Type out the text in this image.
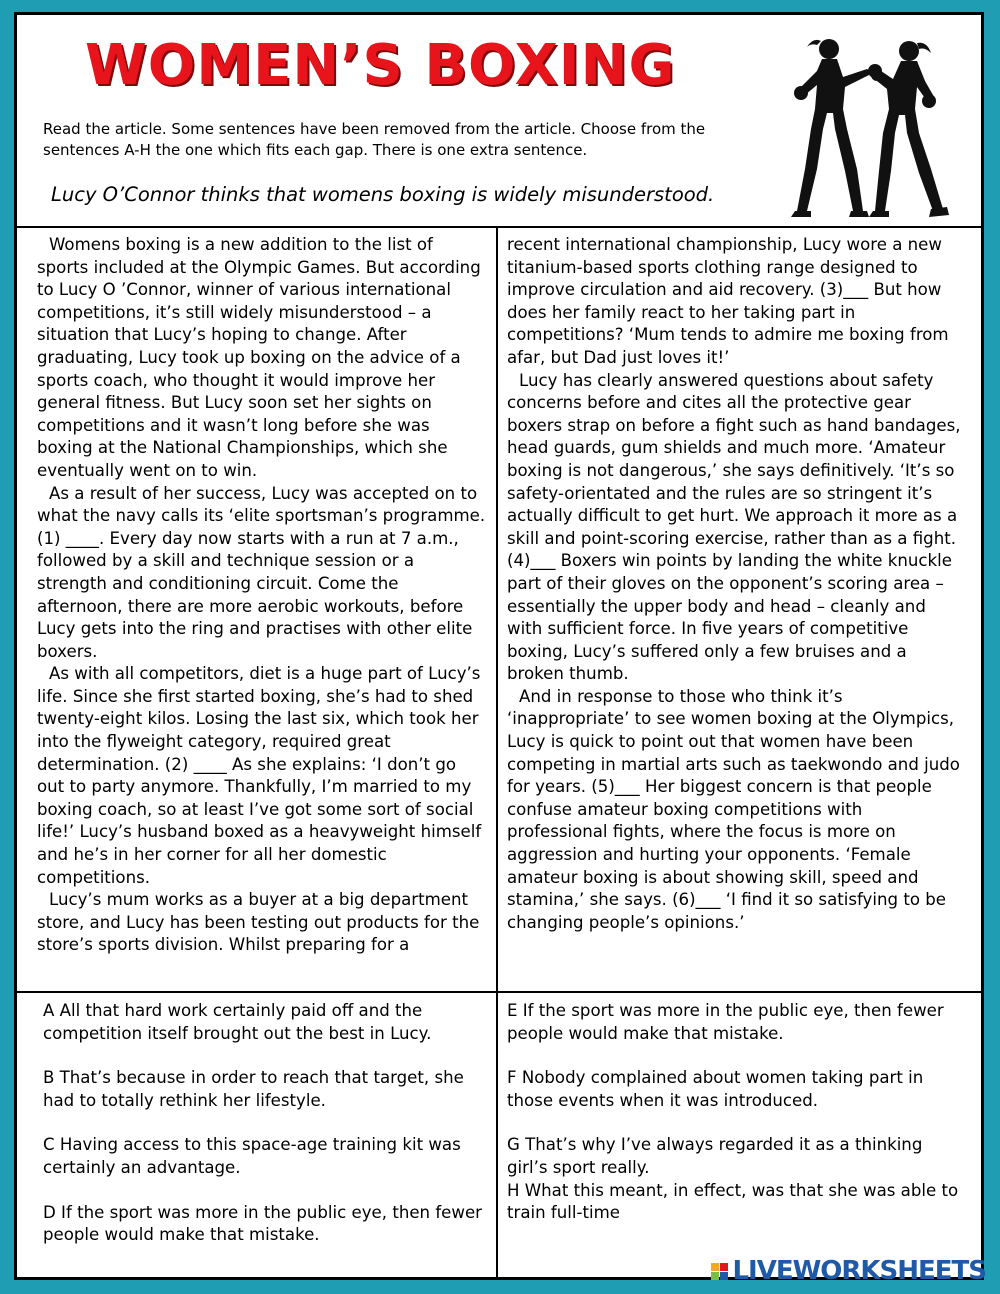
WOMEN’S BOXING
Read the article. Some sentences have been removed from the article. Choose from the sentences A-H the one which fits each gap. There is one extra sentence.
Lucy O’Connor thinks that womens boxing is widely misunderstood.

Womens boxing is a new addition to the list of sports included at the Olympic Games. But according to Lucy O ’Connor, winner of various international competitions, it’s still widely misunderstood – a situation that Lucy’s hoping to change. After graduating, Lucy took up boxing on the advice of a sports coach, who thought it would improve her general fitness. But Lucy soon set her sights on competitions and it wasn’t long before she was boxing at the National Championships, which she eventually went on to win.

As a result of her success, Lucy was accepted on to what the navy calls its ‘elite sportsman’s programme. (1) ____. Every day now starts with a run at 7 a.m., followed by a skill and technique session or a strength and conditioning circuit. Come the afternoon, there are more aerobic workouts, before Lucy gets into the ring and practises with other elite boxers.

As with all competitors, diet is a huge part of Lucy’s life. Since she first started boxing, she’s had to shed twenty-eight kilos. Losing the last six, which took her into the flyweight category, required great determination. (2) ____ As she explains: ‘I don’t go out to party anymore. Thankfully, I’m married to my boxing coach, so at least I’ve got some sort of social life!’ Lucy’s husband boxed as a heavyweight himself and he’s in her corner for all her domestic competitions.

Lucy’s mum works as a buyer at a big department store, and Lucy has been testing out products for the store’s sports division. Whilst preparing for a

recent international championship, Lucy wore a new titanium-based sports clothing range designed to improve circulation and aid recovery. (3)___ But how does her family react to her taking part in competitions? ‘Mum tends to admire me boxing from afar, but Dad just loves it!’

Lucy has clearly answered questions about safety concerns before and cites all the protective gear boxers strap on before a fight such as hand bandages, head guards, gum shields and much more. ‘Amateur boxing is not dangerous,’ she says definitively. ‘It’s so safety-orientated and the rules are so stringent it’s actually difficult to get hurt. We approach it more as a skill and point-scoring exercise, rather than as a fight. (4)___ Boxers win points by landing the white knuckle part of their gloves on the opponent’s scoring area – essentially the upper body and head – cleanly and with sufficient force. In five years of competitive boxing, Lucy’s suffered only a few bruises and a broken thumb.

And in response to those who think it’s ‘inappropriate’ to see women boxing at the Olympics, Lucy is quick to point out that women have been competing in martial arts such as taekwondo and judo for years. (5)___ Her biggest concern is that people confuse amateur boxing competitions with professional fights, where the focus is more on aggression and hurting your opponents. ‘Female amateur boxing is about showing skill, speed and stamina,’ she says. (6)___ ‘I find it so satisfying to be changing people’s opinions.’

A All that hard work certainly paid off and the competition itself brought out the best in Lucy.

B That’s because in order to reach that target, she had to totally rethink her lifestyle.

C Having access to this space-age training kit was certainly an advantage.

D If the sport was more in the public eye, then fewer people would make that mistake.

E If the sport was more in the public eye, then fewer people would make that mistake.

F Nobody complained about women taking part in those events when it was introduced.

G That’s why I’ve always regarded it as a thinking girl’s sport really.

H What this meant, in effect, was that she was able to train full-time

LIVEWORKSHEETS
